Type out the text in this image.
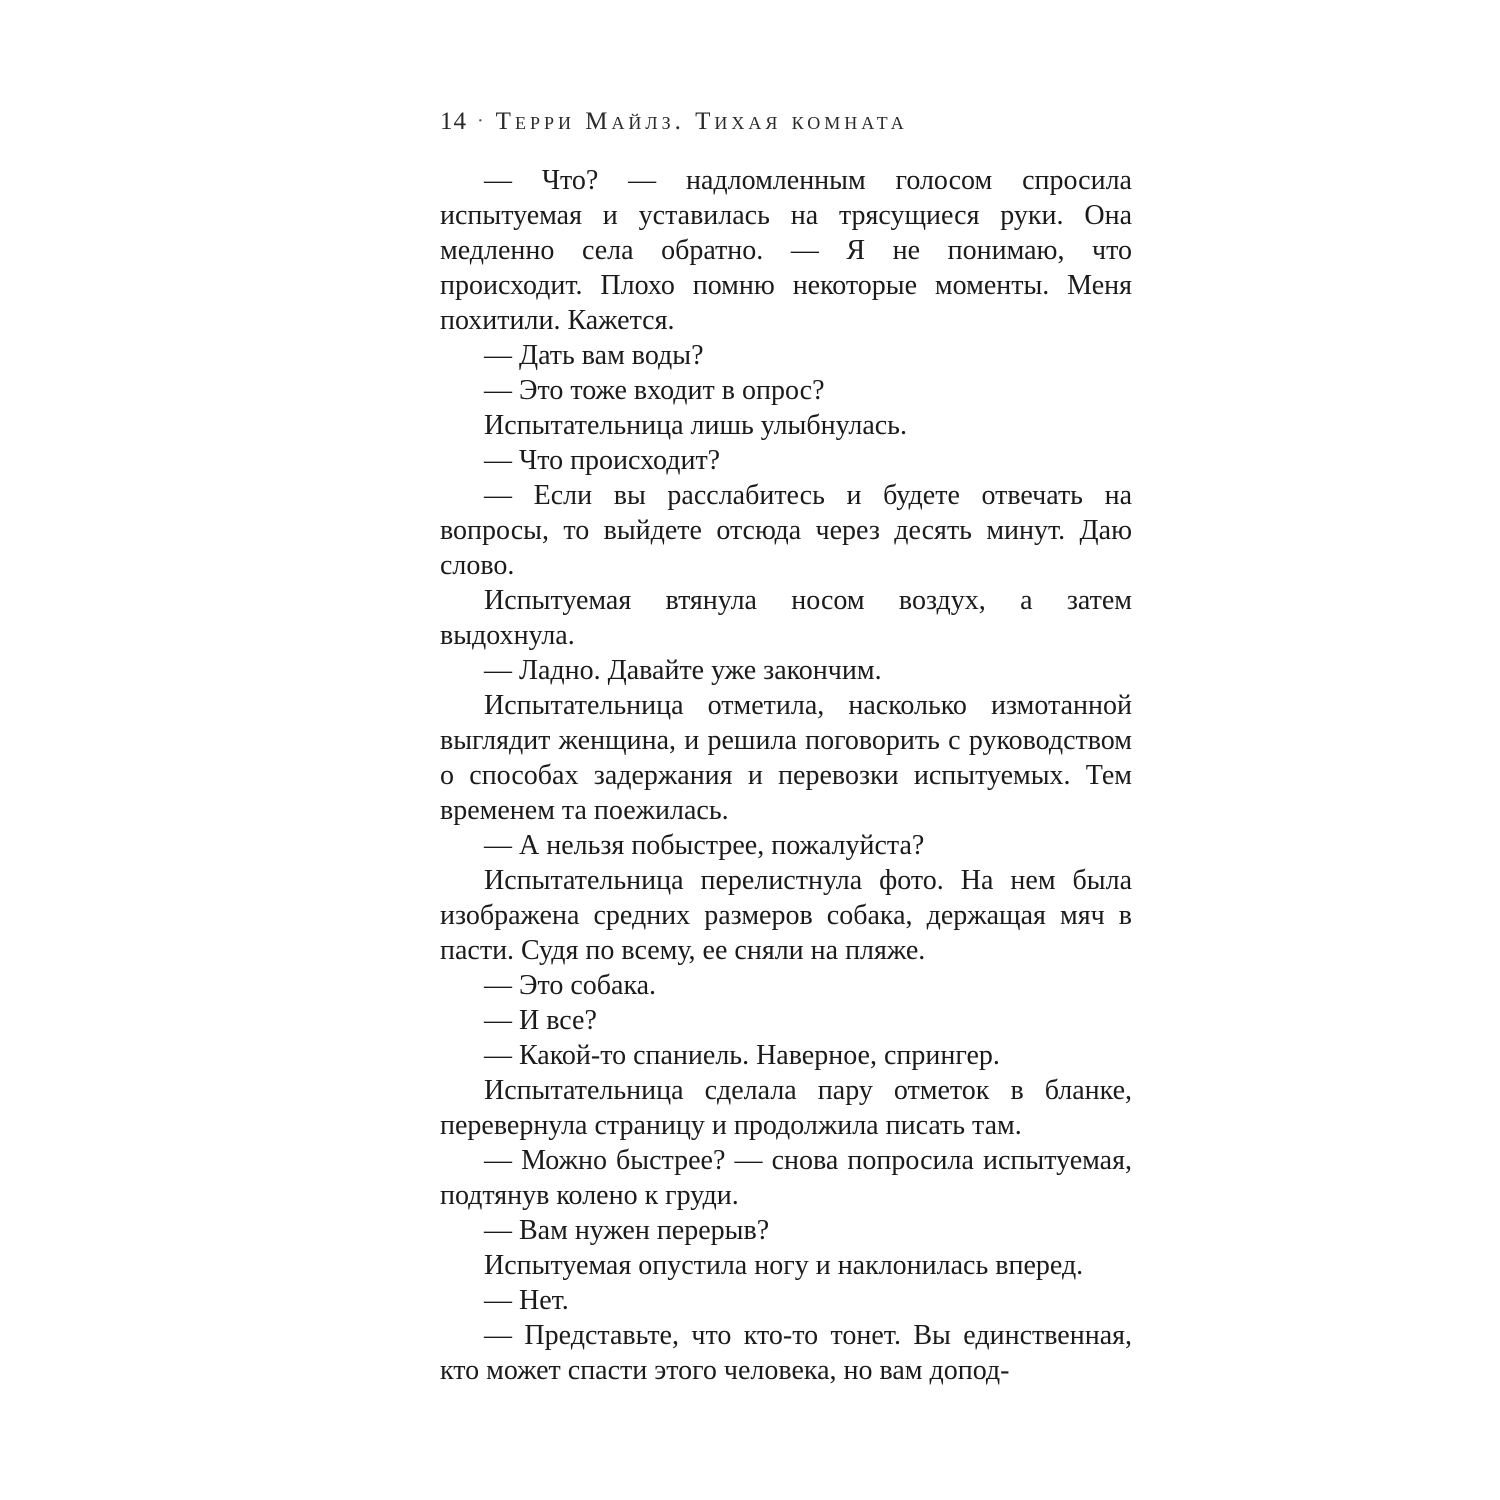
14 · Терри Майлз. Тихая комната

— Что? — надломленным голосом спросила испытуемая и уставилась на трясущиеся руки. Она медленно села обратно. — Я не понимаю, что происходит. Плохо помню некоторые моменты. Меня похитили. Кажется.

— Дать вам воды?

— Это тоже входит в опрос?

Испытательница лишь улыбнулась.

— Что происходит?

— Если вы расслабитесь и будете отвечать на вопросы, то выйдете отсюда через десять минут. Даю слово.

Испытуемая втянула носом воздух, а затем выдохнула.

— Ладно. Давайте уже закончим.

Испытательница отметила, насколько измотанной выглядит женщина, и решила поговорить с руководством о способах задержания и перевозки испытуемых. Тем временем та поежилась.

— А нельзя побыстрее, пожалуйста?

Испытательница перелистнула фото. На нем была изображена средних размеров собака, держащая мяч в пасти. Судя по всему, ее сняли на пляже.

— Это собака.

— И все?

— Какой-то спаниель. Наверное, спрингер.

Испытательница сделала пару отметок в бланке, перевернула страницу и продолжила писать там.

— Можно быстрее? — снова попросила испытуемая, подтянув колено к груди.

— Вам нужен перерыв?

Испытуемая опустила ногу и наклонилась вперед.

— Нет.

— Представьте, что кто-то тонет. Вы единственная, кто может спасти этого человека, но вам допод-
